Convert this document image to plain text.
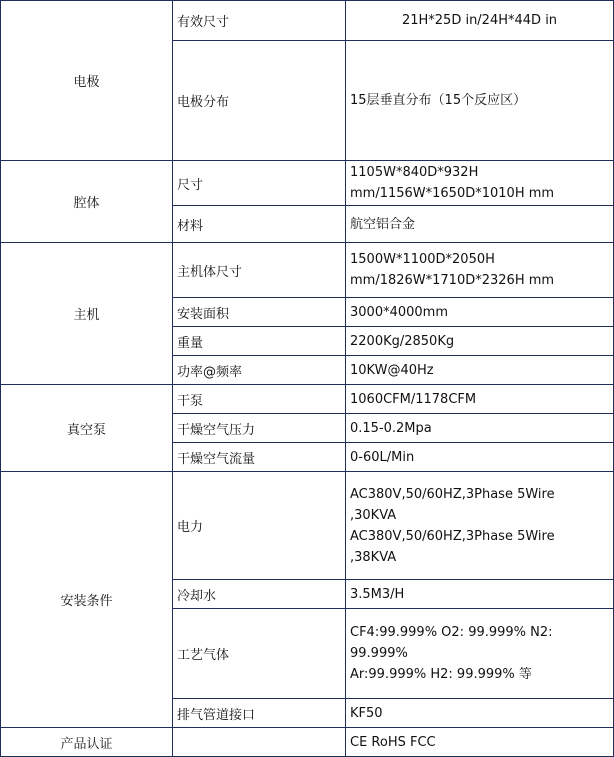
电极	有效尺寸	21H*25D in/24H*44D in

	电极分布	15层垂直分布（15个反应区）

腔体	尺寸	1105W*840D*932H
mm/1156W*1650D*1010H mm

	材料	航空铝合金

主机	主机体尺寸	1500W*1100D*2050H
mm/1826W*1710D*2326H mm

	安装面积	3000*4000mm

	重量	2200Kg/2850Kg

	功率@频率	10KW@40Hz

真空泵	干泵	1060CFM/1178CFM

	干燥空气压力	0.15-0.2Mpa

	干燥空气流量	0-60L/Min

安装条件	电力	AC380V,50/60HZ,3Phase 5Wire
,30KVA
AC380V,50/60HZ,3Phase 5Wire
,38KVA

	冷却水	3.5M3/H

	工艺气体	CF4:99.999% O2: 99.999% N2:
99.999%
Ar:99.999% H2: 99.999% 等

	排气管道接口	KF50

产品认证		CE RoHS FCC
